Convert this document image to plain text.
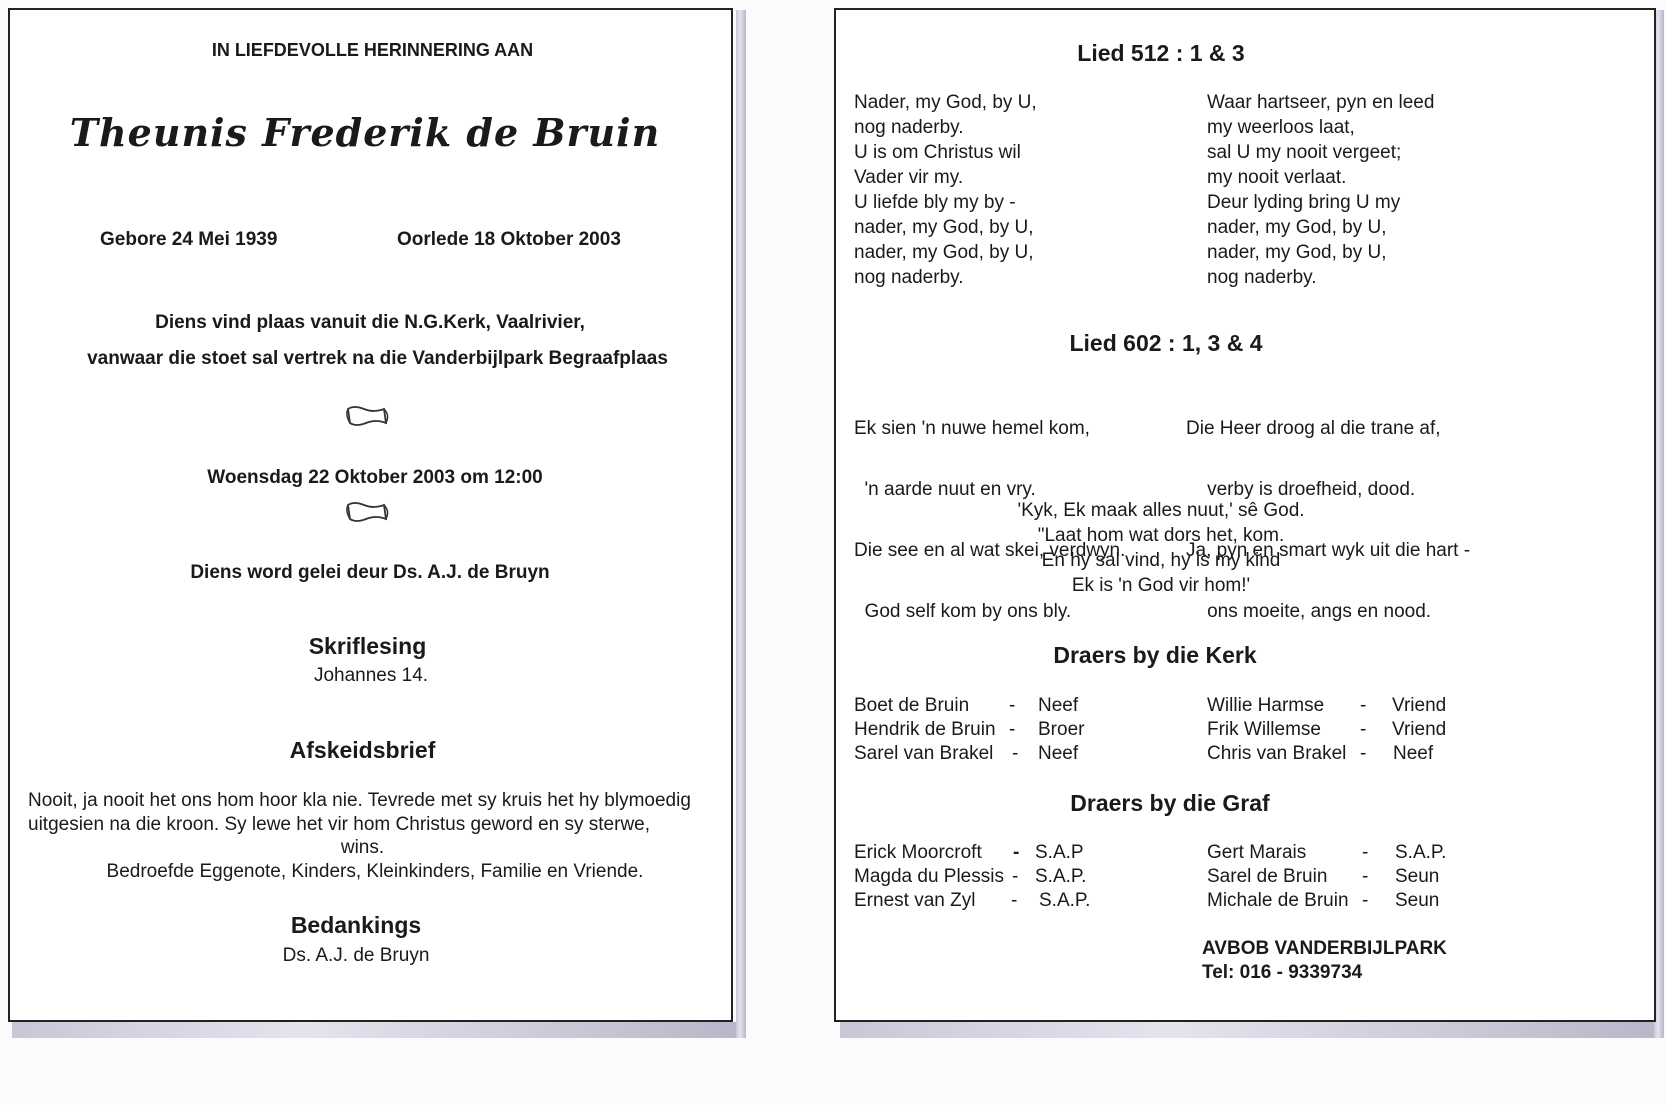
IN LIEFDEVOLLE HERINNERING AAN
Theunis Frederik de Bruin
Gebore 24 Mei 1939	Oorlede 18 Oktober 2003
Diens vind plaas vanuit die N.G.Kerk, Vaalrivier,
vanwaar die stoet sal vertrek na die Vanderbijlpark Begraafplaas
Woensdag 22 Oktober 2003 om 12:00
Diens word gelei deur Ds. A.J. de Bruyn
Skriflesing
Johannes 14.
Afskeidsbrief
Nooit, ja nooit het ons hom hoor kla nie. Tevrede met sy kruis het hy blymoedig
uitgesien na die kroon. Sy lewe het vir hom Christus geword en sy sterwe,
wins.
Bedroefde Eggenote, Kinders, Kleinkinders, Familie en Vriende.
Bedankings
Ds. A.J. de Bruyn
Lied 512 : 1 & 3
Nader, my God, by U,
nog naderby.
U is om Christus wil
Vader vir my.
U liefde bly my by -
nader, my God, by U,
nader, my God, by U,
nog naderby.
Waar hartseer, pyn en leed
my weerloos laat,
sal U my nooit vergeet;
my nooit verlaat.
Deur lyding bring U my
nader, my God, by U,
nader, my God, by U,
nog naderby.
Lied 602 : 1, 3 & 4

Ek sien 'n nuwe hemel kom,

'n aarde nuut en vry.

Die see en al wat skei, verdwyn.

God self kom by ons bly.

Die Heer droog al die trane af,

verby is droefheid, dood.

Ja, pyn en smart wyk uit die hart -

ons moeite, angs en nood.

'Kyk, Ek maak alles nuut,' sê God.
"Laat hom wat dors het, kom.
En hy sal vind, hy is my kind
Ek is 'n God vir hom!'
Draers by die Kerk
Boet de Bruin - Neef
Hendrik de Bruin - Broer
Sarel van Brakel - Neef
Willie Harmse - Vriend
Frik Willemse - Vriend
Chris van Brakel - Neef
Draers by die Graf
Erick Moorcroft - S.A.P
Magda du Plessis - S.A.P.
Ernest van Zyl - S.A.P.
Gert Marais	- S.A.P.
Sarel de Bruin - Seun
Michale de Bruin - Seun
AVBOB VANDERBIJLPARK
Tel: 016 - 9339734
